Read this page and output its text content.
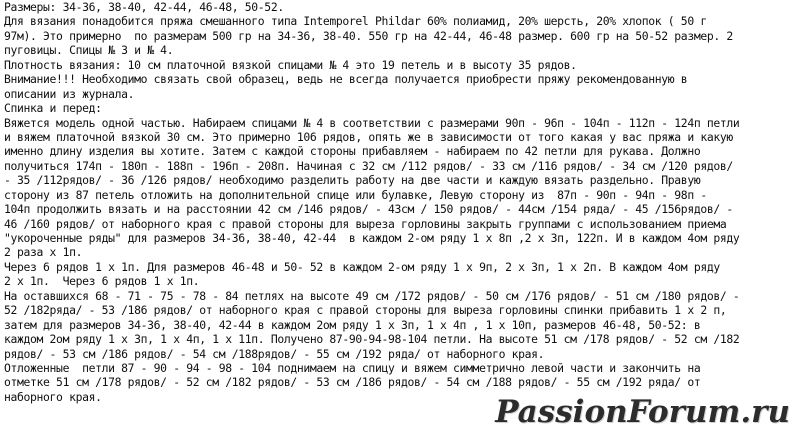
Размеры: 34-36, 38-40, 42-44, 46-48, 50-52.

Для вязания понадобится пряжа смешанного типа Intemporel Phildar 60% полиамид, 20% шерсть, 20% хлопок ( 50 г

97м). Это примерно  по размерам 500 гр на 34-36, 38-40. 550 гр на 42-44, 46-48 размер. 600 гр на 50-52 размер. 2

пуговицы. Спицы № 3 и № 4.

Плотность вязания: 10 см платочной вязкой спицами № 4 это 19 петель и в высоту 35 рядов.

Внимание!!! Необходимо связать свой образец, ведь не всегда получается приобрести пряжу рекомендованную в

описании из журнала.

Спинка и перед:

Вяжется модель одной частью. Набираем спицами № 4 в соответствии с размерами 90п - 96п - 104п - 112п - 124п петли

и вяжем платочной вязкой 30 см. Это примерно 106 рядов, опять же в зависимости от того какая у вас пряжа и какую

именно длину изделия вы хотите. Затем с каждой стороны прибавляем - набираем по 42 петли для рукава. Должно

получиться 174п - 180п - 188п - 196п - 208п. Начиная с 32 см /112 рядов/ - 33 см /116 рядов/ - 34 см /120 рядов/

- 35 /112рядов/ - 36 /126 рядов/ необходимо разделить работу на две части и каждую вязать раздельно. Правую

сторону из 87 петель отложить на дополнительной спице или булавке, Левую сторону из  87п - 90п - 94п - 98п -

104п продолжить вязать и на расстоянии 42 см /146 рядов/ - 43см / 150 рядов/ - 44см /154 ряда/ - 45 /156рядов/ -

46 /160 рядов/ от наборного края с правой стороны для выреза горловины закрыть группами с использованием приема

"укороченные ряды" для размеров 34-36, 38-40, 42-44  в каждом 2-ом ряду 1 х 8п ,2 х 3п, 122п. И в каждом 4ом ряду

2 раза х 1п.

Через 6 рядов 1 х 1п. Для размеров 46-48 и 50- 52 в каждом 2-ом ряду 1 х 9п, 2 х 3п, 1 х 2п. В каждом 4ом ряду

2 х 1п.  Через 6 рядов 1 х 1п.

На оставшихся 68 - 71 - 75 - 78 - 84 петлях на высоте 49 см /172 рядов/ - 50 см /176 рядов/ - 51 см /180 рядов/ -

52 /182ряда/ - 53 /186 рядов/ от наборного края с правой стороны для выреза горловины спинки прибавить 1 х 2 п,

затем для размеров 34-36, 38-40, 42-44 в каждом 2ом ряду 1 х 3п, 1 х 4п , 1 х 10п, размеров 46-48, 50-52: в

каждом 2ом ряду 1 х 3п, 1 х 4п, 1 х 11п. Получено 87-90-94-98-104 петли. На высоте 51 см /178 рядов/ - 52 см /182

рядов/ - 53 см /186 рядов/ - 54 см /188рядов/ - 55 см /192 ряда/ от наборного края.

Отложенные  петли 87 - 90 - 94 - 98 - 104 поднимаем на спицу и вяжем симметрично левой части и закончить на

отметке 51 см /178 рядов/ - 52 см /182 рядов/ - 53 см /186 рядов/ - 54 см /188 рядов/ - 55 см /192 ряда/ от

наборного края.	PassionForum.ru
